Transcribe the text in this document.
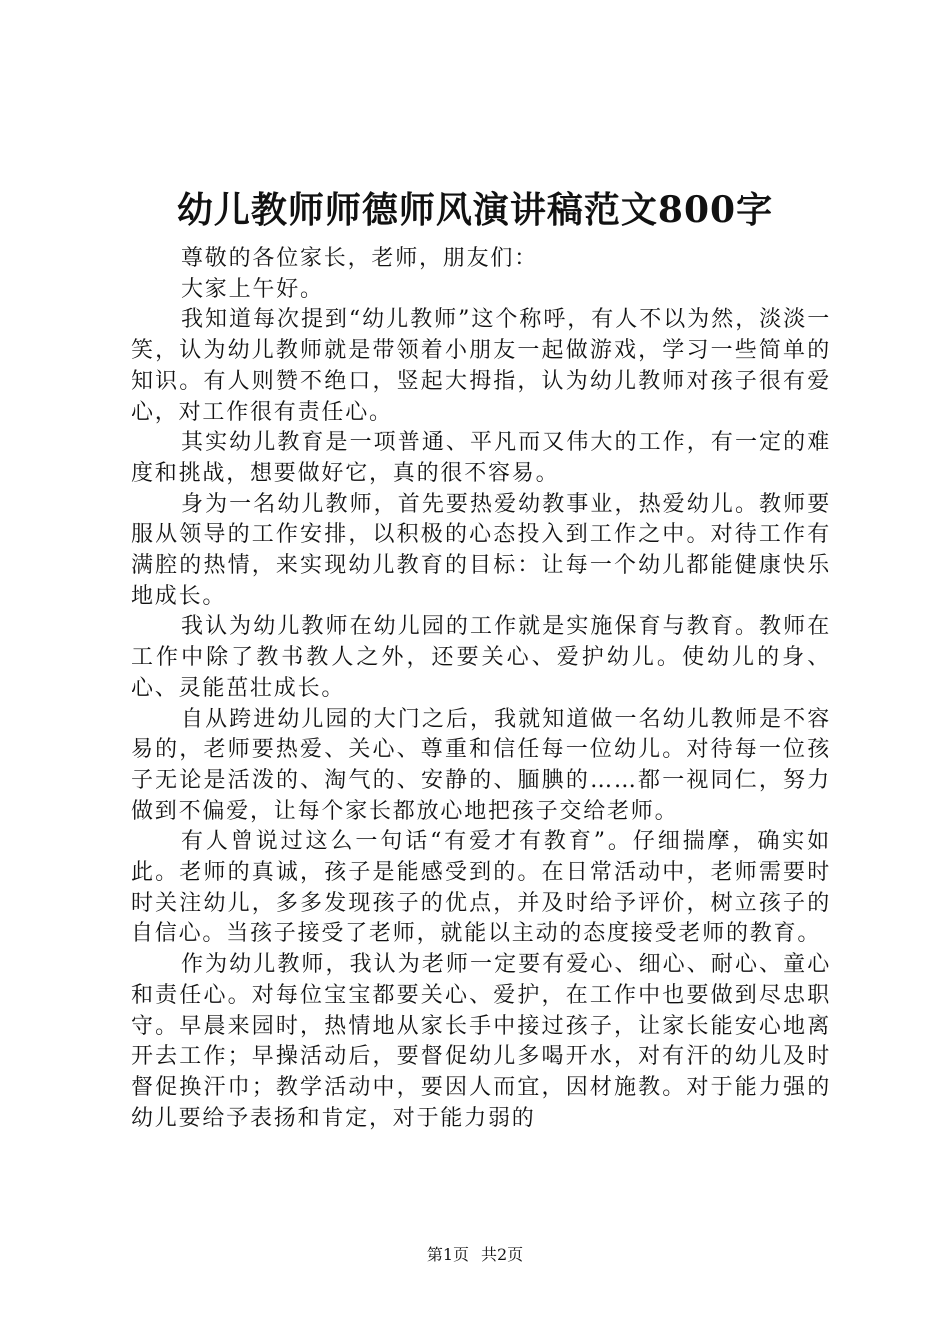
幼儿教师师德师风演讲稿范文800字

尊敬的各位家长，老师，朋友们：

大家上午好。

我知道每次提到“幼儿教师”这个称呼，有人不以为然，淡淡一笑，认为幼儿教师就是带领着小朋友一起做游戏，学习一些简单的知识。有人则赞不绝口，竖起大拇指，认为幼儿教师对孩子很有爱心，对工作很有责任心。

其实幼儿教育是一项普通、平凡而又伟大的工作，有一定的难度和挑战，想要做好它，真的很不容易。

身为一名幼儿教师，首先要热爱幼教事业，热爱幼儿。教师要服从领导的工作安排，以积极的心态投入到工作之中。对待工作有满腔的热情，来实现幼儿教育的目标：让每一个幼儿都能健康快乐地成长。

我认为幼儿教师在幼儿园的工作就是实施保育与教育。教师在工作中除了教书教人之外，还要关心、爱护幼儿。使幼儿的身、心、灵能茁壮成长。

自从跨进幼儿园的大门之后，我就知道做一名幼儿教师是不容易的，老师要热爱、关心、尊重和信任每一位幼儿。对待每一位孩子无论是活泼的、淘气的、安静的、腼腆的……都一视同仁，努力做到不偏爱，让每个家长都放心地把孩子交给老师。

有人曾说过这么一句话“有爱才有教育”。仔细揣摩，确实如此。老师的真诚，孩子是能感受到的。在日常活动中，老师需要时时关注幼儿，多多发现孩子的优点，并及时给予评价，树立孩子的自信心。当孩子接受了老师，就能以主动的态度接受老师的教育。

作为幼儿教师，我认为老师一定要有爱心、细心、耐心、童心和责任心。对每位宝宝都要关心、爱护，在工作中也要做到尽忠职守。早晨来园时，热情地从家长手中接过孩子，让家长能安心地离开去工作；早操活动后，要督促幼儿多喝开水，对有汗的幼儿及时督促换汗巾；教学活动中，要因人而宜，因材施教。对于能力强的幼儿要给予表扬和肯定，对于能力弱的

第1页 共2页
